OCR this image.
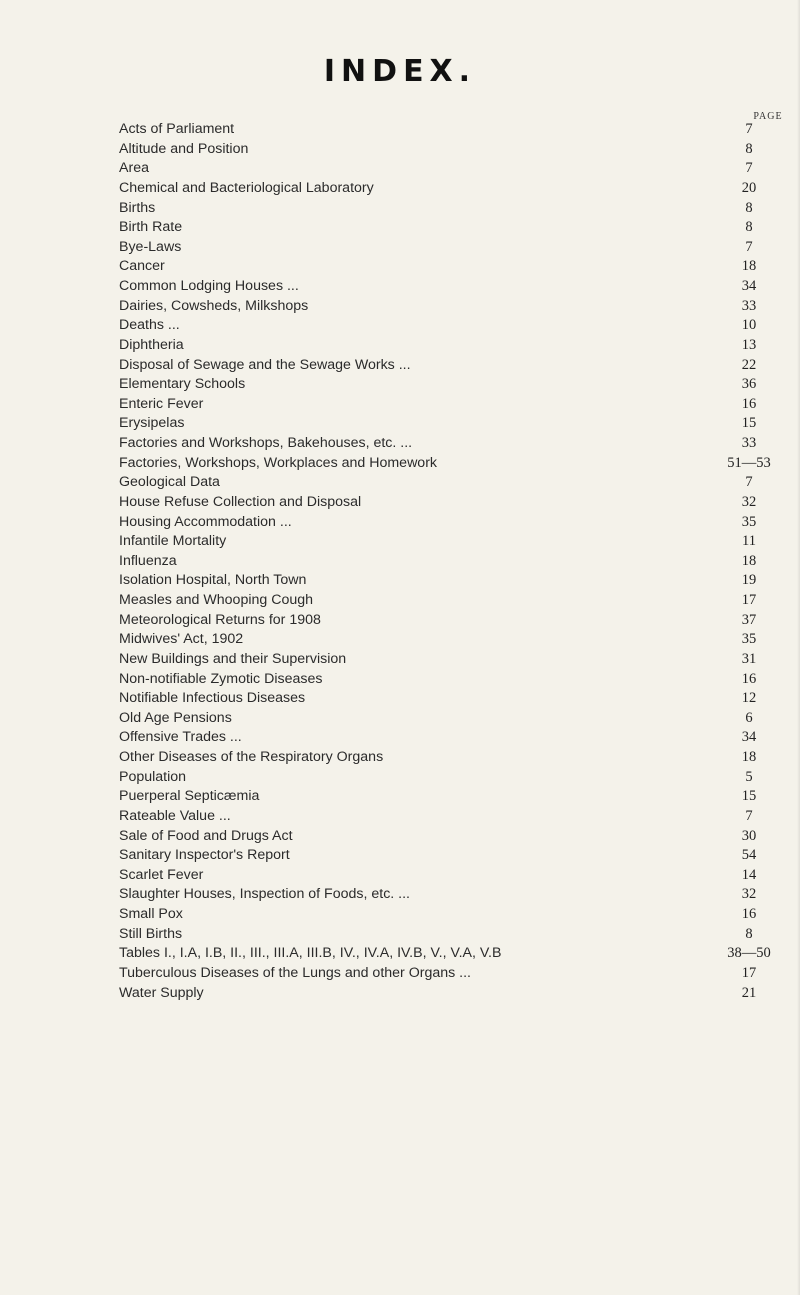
INDEX.
PAGE
Acts of Parliament	7
Altitude and Position	8
Area	7
Chemical and Bacteriological Laboratory	20
Births	8
Birth Rate	8
Bye-Laws	7
Cancer	18
Common Lodging Houses ...	34
Dairies, Cowsheds, Milkshops	33
Deaths ...	10
Diphtheria	13
Disposal of Sewage and the Sewage Works ...	22
Elementary Schools	36
Enteric Fever	16
Erysipelas	15
Factories and Workshops, Bakehouses, etc. ...	33
Factories, Workshops, Workplaces and Homework	51—53
Geological Data	7
House Refuse Collection and Disposal	32
Housing Accommodation ...	35
Infantile Mortality	11
Influenza	18
Isolation Hospital, North Town	19
Measles and Whooping Cough	17
Meteorological Returns for 1908	37
Midwives' Act, 1902	35
New Buildings and their Supervision	31
Non-notifiable Zymotic Diseases	16
Notifiable Infectious Diseases	12
Old Age Pensions	6
Offensive Trades ...	34
Other Diseases of the Respiratory Organs	18
Population	5
Puerperal Septicæmia	15
Rateable Value ...	7
Sale of Food and Drugs Act	30
Sanitary Inspector's Report	54
Scarlet Fever	14
Slaughter Houses, Inspection of Foods, etc. ...	32
Small Pox	16
Still Births	8
Tables I., I.A, I.B, II., III., III.A, III.B, IV., IV.A, IV.B, V., V.A, V.B	38—50
Tuberculous Diseases of the Lungs and other Organs ...	17
Water Supply	21
